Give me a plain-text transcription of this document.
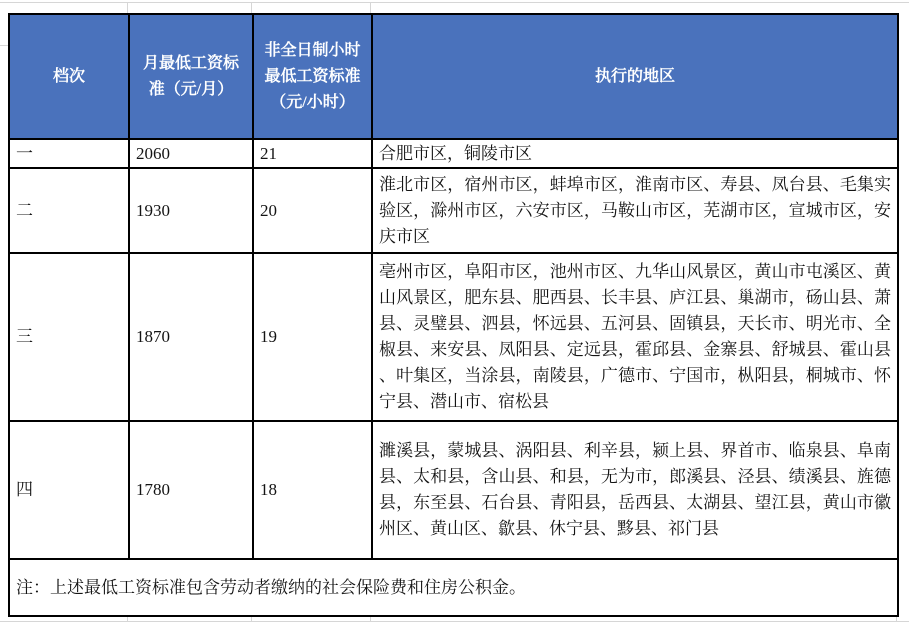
档次	月最低工资标准（元/月）	非全日制小时最低工资标准（元/小时）	执行的地区
一	2060	21	合肥市区，铜陵市区
二	1930	20	淮北市区，宿州市区，蚌埠市区，淮南市区、寿县、凤台县、毛集实验区，滁州市区，六安市区，马鞍山市区，芜湖市区，宣城市区，安庆市区
三	1870	19	亳州市区，阜阳市区，池州市区、九华山风景区，黄山市屯溪区、黄山风景区，肥东县、肥西县、长丰县、庐江县、巢湖市，砀山县、萧县、灵璧县、泗县，怀远县、五河县、固镇县，天长市、明光市、全椒县、来安县、凤阳县、定远县，霍邱县、金寨县、舒城县、霍山县、叶集区，当涂县，南陵县，广德市、宁国市，枞阳县，桐城市、怀宁县、潜山市、宿松县
四	1780	18	濉溪县，蒙城县、涡阳县、利辛县，颍上县、界首市、临泉县、阜南县、太和县，含山县、和县，无为市，郎溪县、泾县、绩溪县、旌德县，东至县、石台县、青阳县，岳西县、太湖县、望江县，黄山市徽州区、黄山区、歙县、休宁县、黟县、祁门县
注：上述最低工资标准包含劳动者缴纳的社会保险费和住房公积金。			
